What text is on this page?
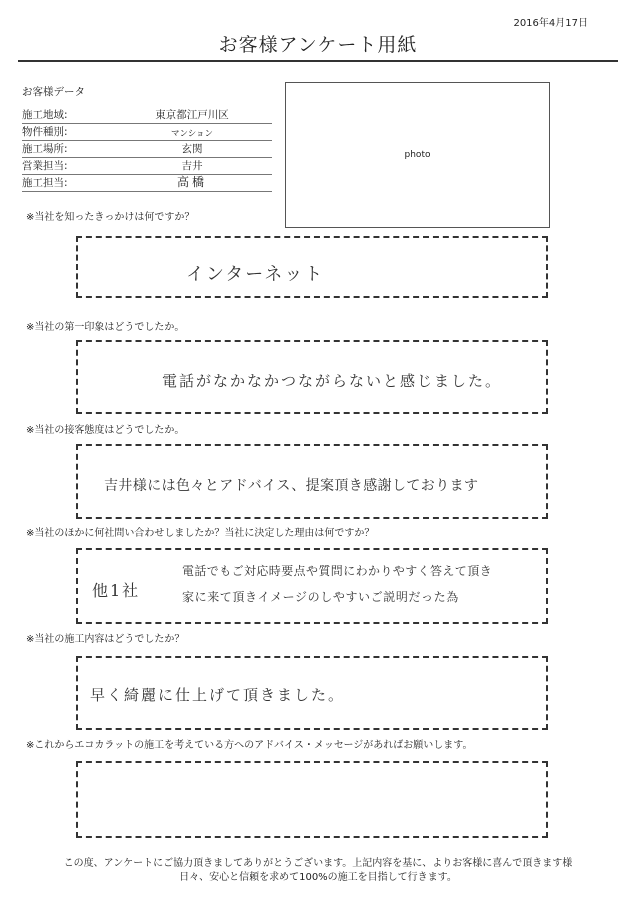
2016年4月17日
お客様アンケート用紙
お客様データ
施工地域:	東京都江戸川区
物件種別:	マンション
施工場所:	玄関
営業担当:	吉井
施工担当:	高橋
photo
※当社を知ったきっかけは何ですか？
インターネット
※当社の第一印象はどうでしたか。
電話がなかなかつながらないと感じました。
※当社の接客態度はどうでしたか。
吉井様には色々とアドバイス、提案頂き感謝しております
※当社のほかに何社問い合わせしましたか？当社に決定した理由は何ですか？
他1社
電話でもご対応時要点や質問にわかりやすく答えて頂き
家に来て頂きイメージのしやすいご説明だった為
※当社の施工内容はどうでしたか？
早く綺麗に仕上げて頂きました。
※これからエコカラットの施工を考えている方へのアドバイス・メッセージがあればお願いします。
この度、アンケートにご協力頂きましてありがとうございます。上記内容を基に、よりお客様に喜んで頂きます様
日々、安心と信頼を求めて100%の施工を目指して行きます。
